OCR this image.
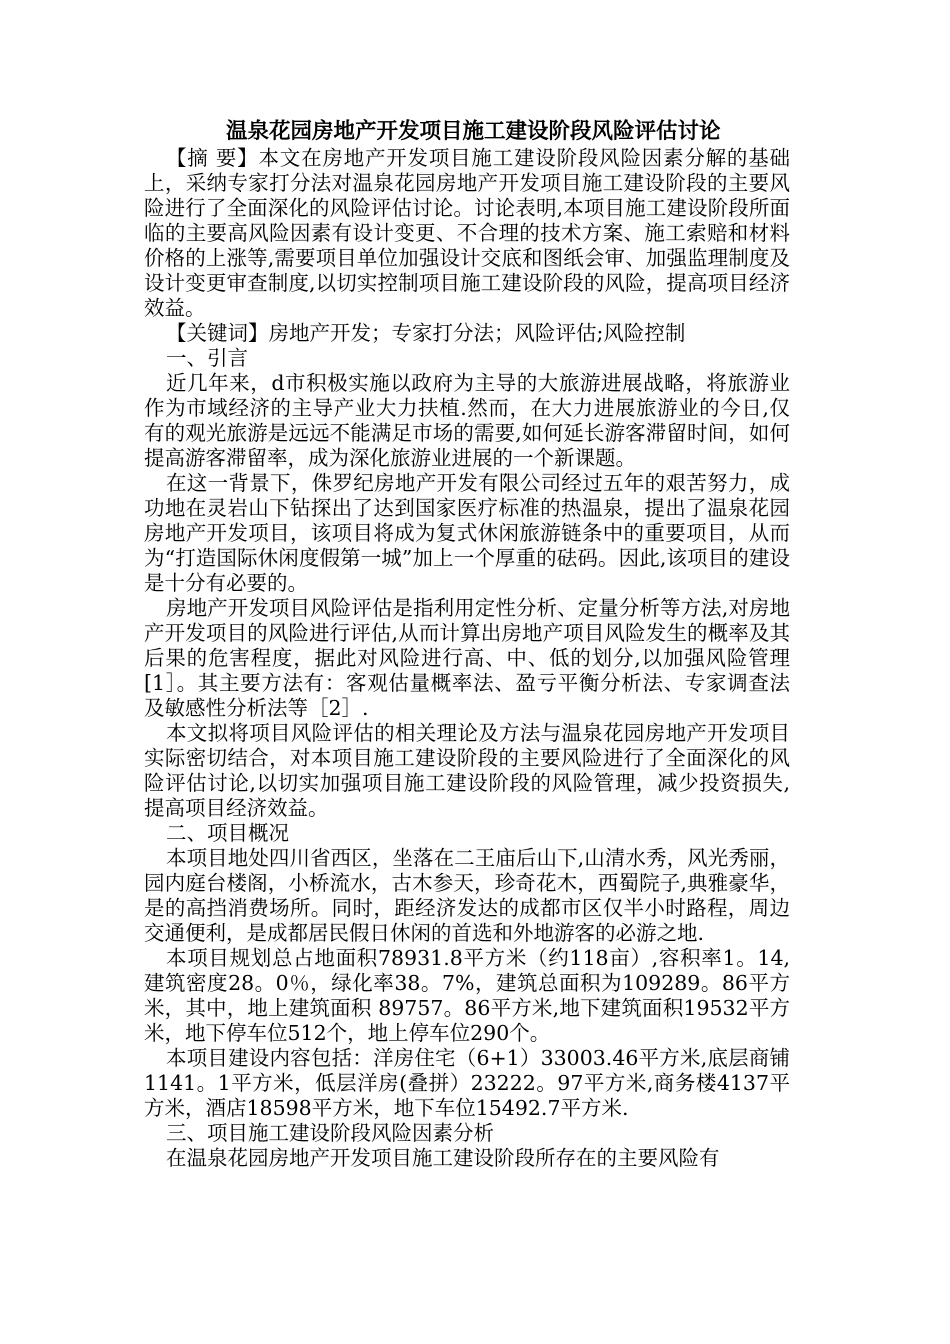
温泉花园房地产开发项目施工建设阶段风险评估讨论

【摘 要】本文在房地产开发项目施工建设阶段风险因素分解的基础上，采纳专家打分法对温泉花园房地产开发项目施工建设阶段的主要风险进行了全面深化的风险评估讨论。讨论表明,本项目施工建设阶段所面临的主要高风险因素有设计变更、不合理的技术方案、施工索赔和材料价格的上涨等,需要项目单位加强设计交底和图纸会审、加强监理制度及设计变更审查制度,以切实控制项目施工建设阶段的风险，提高项目经济效益。

【关键词】房地产开发；专家打分法；风险评估;风险控制

一、引言

近几年来，d市积极实施以政府为主导的大旅游进展战略，将旅游业作为市域经济的主导产业大力扶植.然而，在大力进展旅游业的今日,仅有的观光旅游是远远不能满足市场的需要,如何延长游客滞留时间，如何提高游客滞留率，成为深化旅游业进展的一个新课题。

在这一背景下，侏罗纪房地产开发有限公司经过五年的艰苦努力，成功地在灵岩山下钻探出了达到国家医疗标准的热温泉，提出了温泉花园房地产开发项目，该项目将成为复式休闲旅游链条中的重要项目，从而为“打造国际休闲度假第一城”加上一个厚重的砝码。因此,该项目的建设是十分有必要的。

房地产开发项目风险评估是指利用定性分析、定量分析等方法,对房地产开发项目的风险进行评估,从而计算出房地产项目风险发生的概率及其后果的危害程度，据此对风险进行高、中、低的划分,以加强风险管理[1］。其主要方法有：客观估量概率法、盈亏平衡分析法、专家调查法及敏感性分析法等［2］.

本文拟将项目风险评估的相关理论及方法与温泉花园房地产开发项目实际密切结合，对本项目施工建设阶段的主要风险进行了全面深化的风险评估讨论,以切实加强项目施工建设阶段的风险管理，减少投资损失,提高项目经济效益。

二、项目概况

本项目地处四川省西区，坐落在二王庙后山下,山清水秀，风光秀丽，园内庭台楼阁，小桥流水，古木参天，珍奇花木，西蜀院子,典雅豪华，是的高挡消费场所。同时，距经济发达的成都市区仅半小时路程，周边交通便利，是成都居民假日休闲的首选和外地游客的必游之地.

本项目规划总占地面积78931.8平方米（约118亩）,容积率1。14,建筑密度28。0％，绿化率38。7%，建筑总面积为109289。86平方米，其中，地上建筑面积 89757。86平方米,地下建筑面积19532平方米，地下停车位512个，地上停车位290个。

本项目建设内容包括：洋房住宅（6+1）33003.46平方米,底层商铺1141。1平方米，低层洋房(叠拼）23222。97平方米,商务楼4137平方米，酒店18598平方米，地下车位15492.7平方米.

三、项目施工建设阶段风险因素分析

在温泉花园房地产开发项目施工建设阶段所存在的主要风险有
